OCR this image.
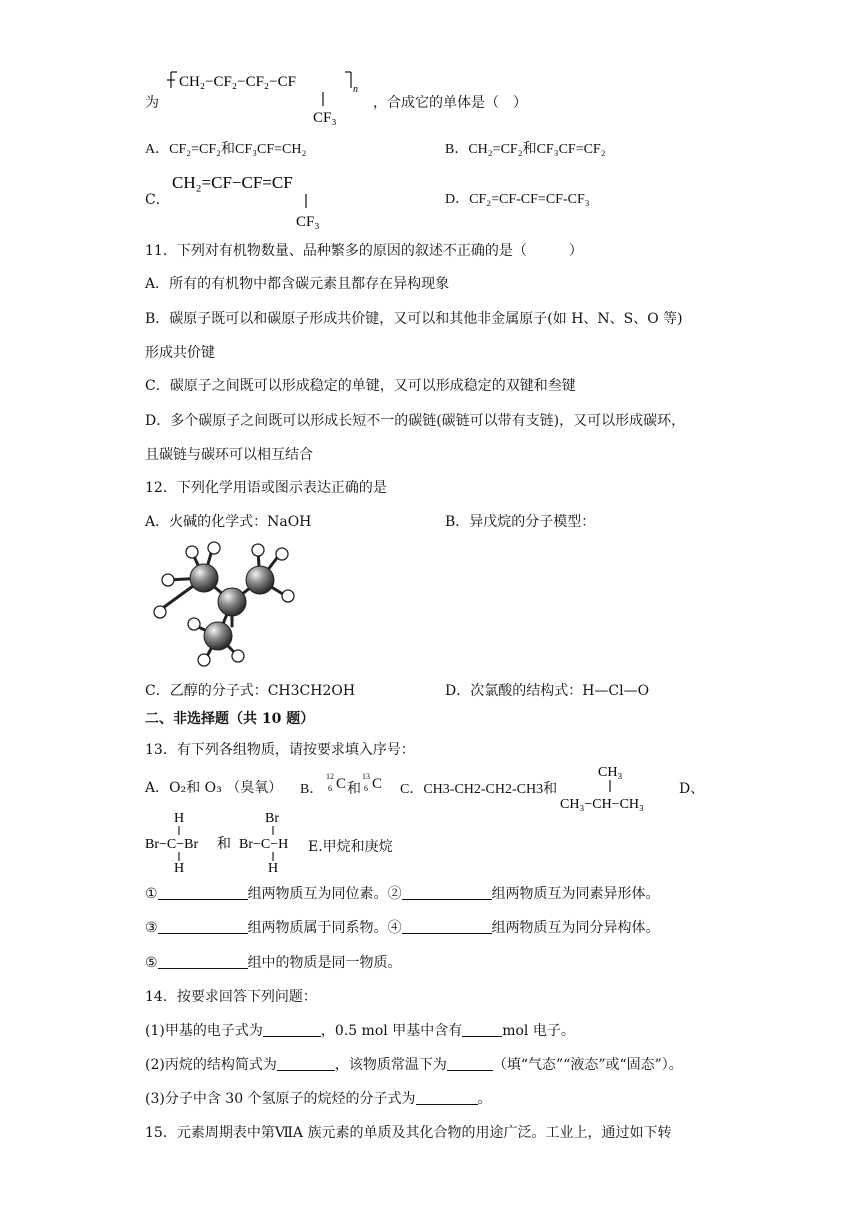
为
CH₂−CF₂−CF₂−CF	n
CF₃
，合成它的单体是（　）
A．CF₂=CF₂和CF₃CF=CH₂	B．CH₂=CF₂和CF₃CF=CF₂
C．
CH₂=CF−CF=CF
CF₃
D．CF₂=CF-CF=CF-CF₃
11．下列对有机物数量、品种繁多的原因的叙述不正确的是（　　　）
A．所有的有机物中都含碳元素且都存在异构现象
B．碳原子既可以和碳原子形成共价键，又可以和其他非金属原子(如 H、N、S、O 等)
形成共价键
C．碳原子之间既可以形成稳定的单键，又可以形成稳定的双键和叁键
D．多个碳原子之间既可以形成长短不一的碳链(碳链可以带有支链)，又可以形成碳环，
且碳链与碳环可以相互结合
12．下列化学用语或图示表达正确的是
A．火碱的化学式：NaOH	B．异戊烷的分子模型：
C．乙醇的分子式：CH3CH2OH	D．次氯酸的结构式：H—Cl—O
二、非选择题（共 10 题）
13．有下列各组物质，请按要求填入序号：
A．O₂和 O₃ （臭氧） B．
12
6 C 和
13
6 C C．CH3-CH2-CH2-CH3和
CH₃
CH₃−CH−CH₃
D、
H
Br−C−Br
H
和
Br
Br−C−H
H
E.甲烷和庚烷
①	组两物质互为同位素。②	组两物质互为同素异形体。
③	组两物质属于同系物。④	组两物质互为同分异构体。
⑤	组中的物质是同一物质。
14．按要求回答下列问题：
(1)甲基的电子式为	，0.5 mol 甲基中含有	mol 电子。
(2)丙烷的结构简式为	，该物质常温下为	（填“气态”“液态”或“固态”）。
(3)分子中含 30 个氢原子的烷烃的分子式为	。
15．元素周期表中第ⅦA 族元素的单质及其化合物的用途广泛。工业上，通过如下转
